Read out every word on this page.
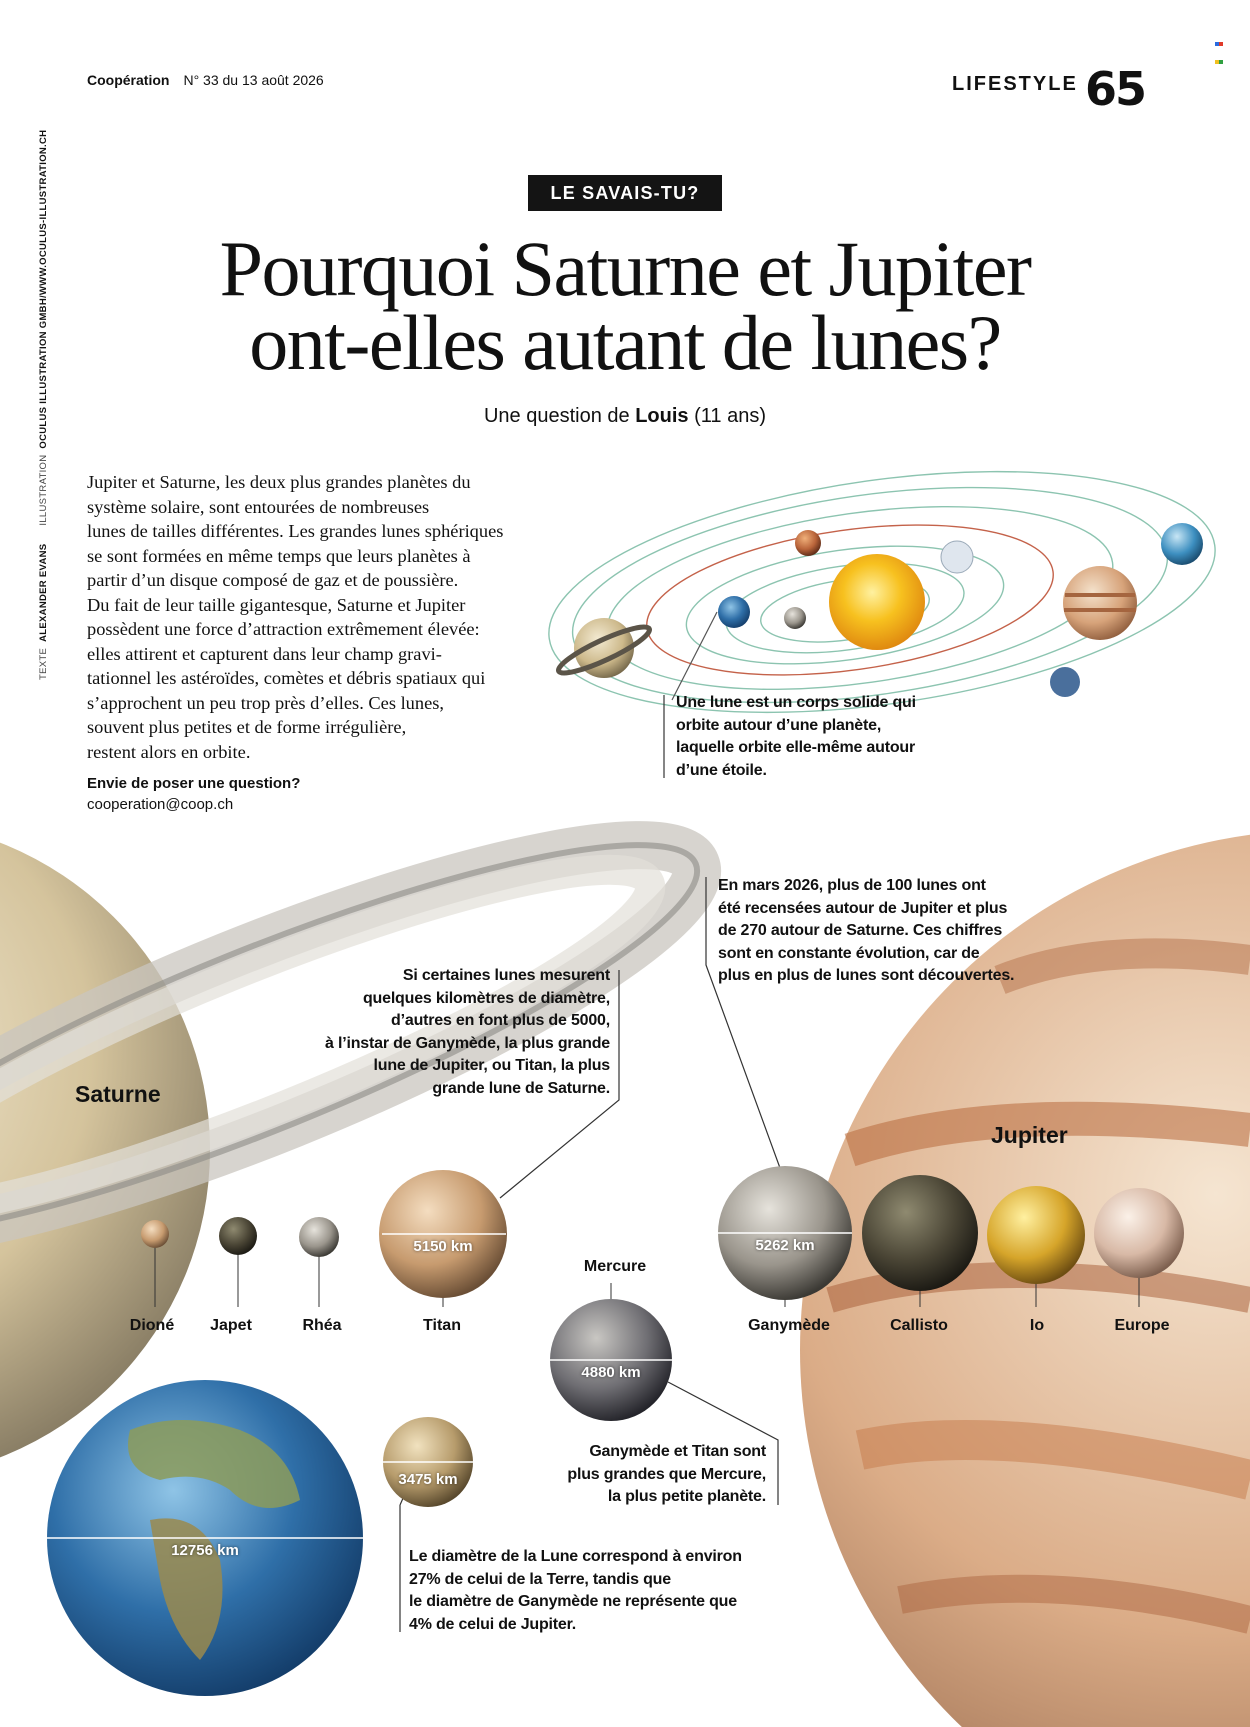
Coopération N° 33 du 13 août 2026	LIFESTYLE 65
TEXTEALEXANDER EVANSILLUSTRATIONOCULUS ILLUSTRATION GMBH/WWW.OCULUS-ILLUSTRATION.CH	LE SAVAIS-TU?
Pourquoi Saturne et Jupiter
ont-elles autant de lunes?
Une question de Louis (11 ans)
Jupiter et Saturne, les deux plus grandes planètes du
système solaire, sont entourées de nombreuses
lunes de tailles différentes. Les grandes lunes sphériques
se sont formées en même temps que leurs planètes à
partir d’un disque composé de gaz et de poussière.
Du fait de leur taille gigantesque, Saturne et Jupiter
possèdent une force d’attraction extrêmement élevée:
elles attirent et capturent dans leur champ gravi-
tationnel les astéroïdes, comètes et débris spatiaux qui
s’approchent un peu trop près d’elles. Ces lunes,
souvent plus petites et de forme irrégulière,
restent alors en orbite.
Envie de poser une question?
cooperation@coop.ch
Une lune est un corps solide qui
orbite autour d’une planète,
laquelle orbite elle-même autour
d’une étoile.
En mars 2026, plus de 100 lunes ont
été recensées autour de Jupiter et plus
de 270 autour de Saturne. Ces chiffres
sont en constante évolution, car de
plus en plus de lunes sont découvertes.
Si certaines lunes mesurent
quelques kilomètres de diamètre,
d’autres en font plus de 5000,
à l’instar de Ganymède, la plus grande
lune de Jupiter, ou Titan, la plus
grande lune de Saturne.
Ganymède et Titan sont
plus grandes que Mercure,
la plus petite planète.
Le diamètre de la Lune correspond à environ
27% de celui de la Terre, tandis que
le diamètre de Ganymède ne représente que
4% de celui de Jupiter.
Saturne
Jupiter
Mercure
Dioné	Japet	Rhéa	Titan	Ganymède	Callisto	Io	Europe
5150 km	5262 km
4880 km
3475 km
12756 km
